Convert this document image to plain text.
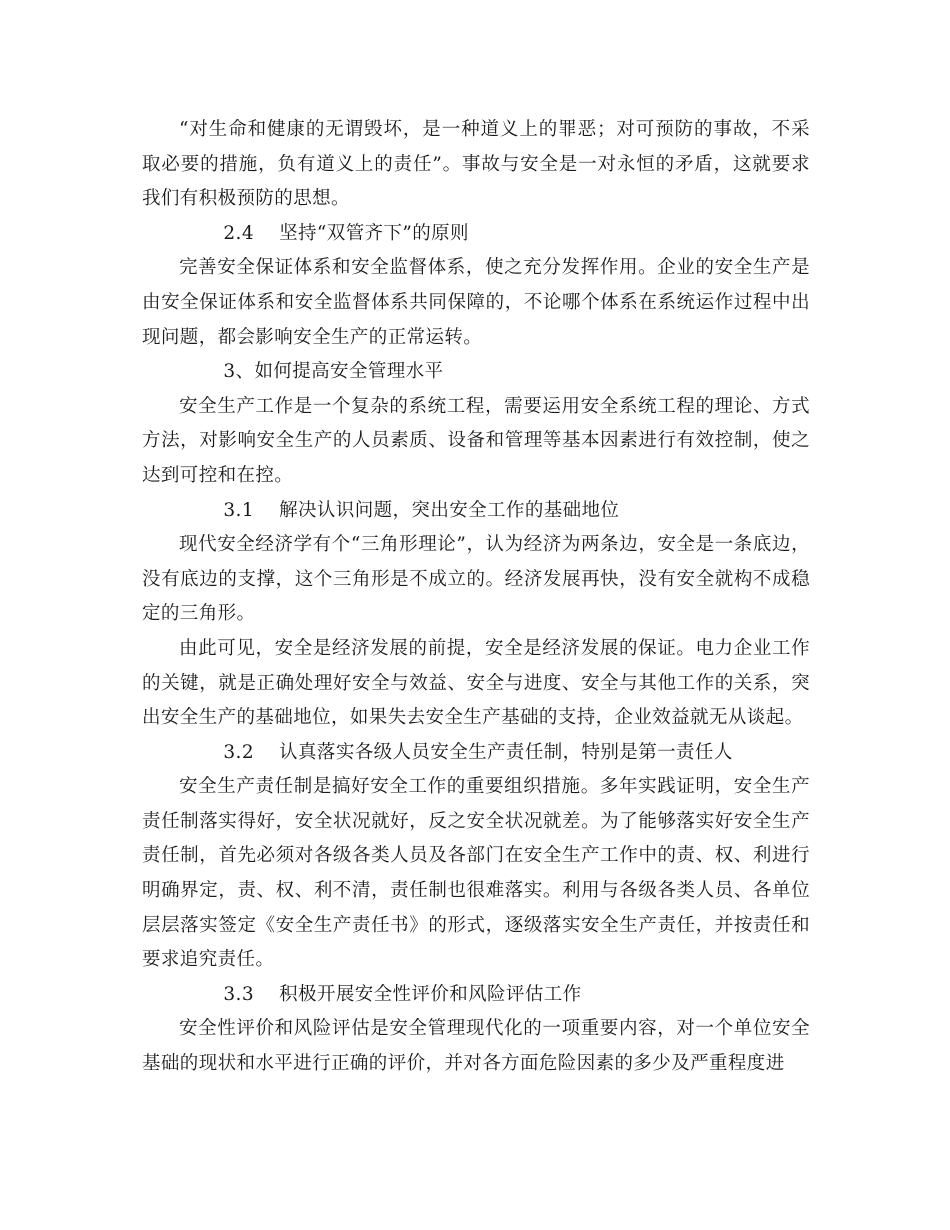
“对生命和健康的无谓毁坏，是一种道义上的罪恶；对可预防的事故，不采取必要的措施，负有道义上的责任”。事故与安全是一对永恒的矛盾，这就要求我们有积极预防的思想。

2.4    坚持“双管齐下”的原则

完善安全保证体系和安全监督体系，使之充分发挥作用。企业的安全生产是由安全保证体系和安全监督体系共同保障的，不论哪个体系在系统运作过程中出现问题，都会影响安全生产的正常运转。

3、如何提高安全管理水平

安全生产工作是一个复杂的系统工程，需要运用安全系统工程的理论、方式方法，对影响安全生产的人员素质、设备和管理等基本因素进行有效控制，使之达到可控和在控。

3.1    解决认识问题，突出安全工作的基础地位

现代安全经济学有个“三角形理论”，认为经济为两条边，安全是一条底边，没有底边的支撑，这个三角形是不成立的。经济发展再快，没有安全就构不成稳定的三角形。

由此可见，安全是经济发展的前提，安全是经济发展的保证。电力企业工作的关键，就是正确处理好安全与效益、安全与进度、安全与其他工作的关系，突出安全生产的基础地位，如果失去安全生产基础的支持，企业效益就无从谈起。

3.2    认真落实各级人员安全生产责任制，特别是第一责任人

安全生产责任制是搞好安全工作的重要组织措施。多年实践证明，安全生产责任制落实得好，安全状况就好，反之安全状况就差。为了能够落实好安全生产责任制，首先必须对各级各类人员及各部门在安全生产工作中的责、权、利进行明确界定，责、权、利不清，责任制也很难落实。利用与各级各类人员、各单位层层落实签定《安全生产责任书》的形式，逐级落实安全生产责任，并按责任和要求追究责任。

3.3    积极开展安全性评价和风险评估工作

安全性评价和风险评估是安全管理现代化的一项重要内容，对一个单位安全基础的现状和水平进行正确的评价，并对各方面危险因素的多少及严重程度进
